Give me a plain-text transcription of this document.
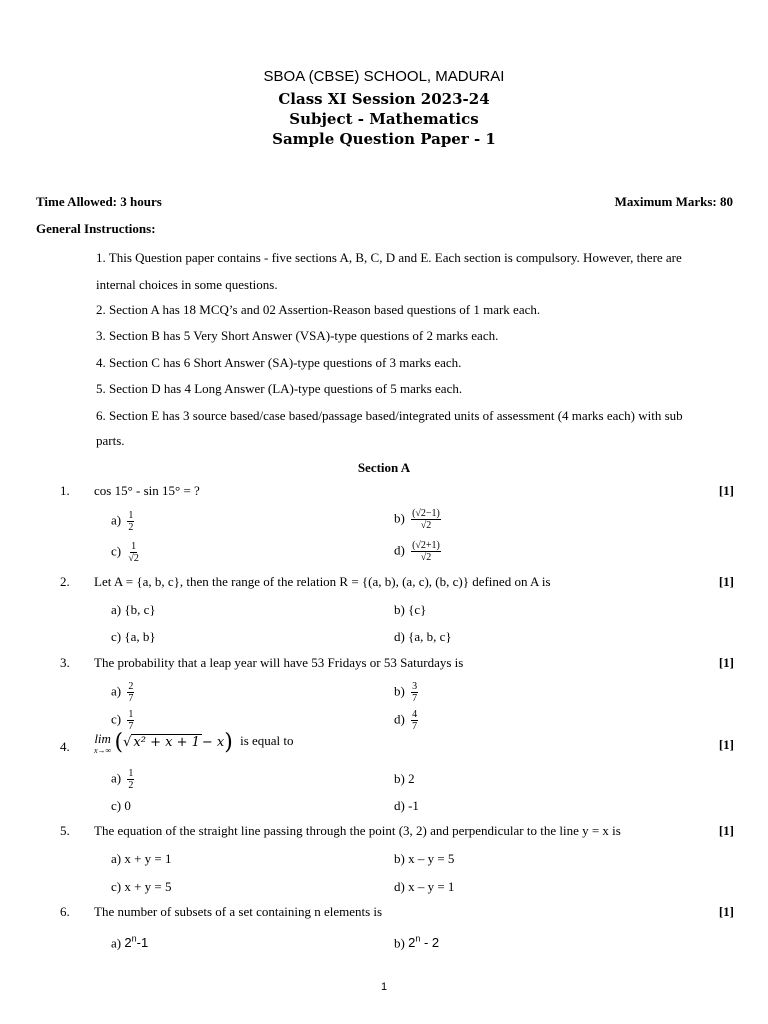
SBOA (CBSE) SCHOOL, MADURAI
Class XI Session 2023-24
Subject - Mathematics
Sample Question Paper - 1
Time Allowed: 3 hours	Maximum Marks: 80
General Instructions:
1. This Question paper contains - five sections A, B, C, D and E. Each section is compulsory. However, there are
internal choices in some questions.
2. Section A has 18 MCQ’s and 02 Assertion-Reason based questions of 1 mark each.
3. Section B has 5 Very Short Answer (VSA)-type questions of 2 marks each.
4. Section C has 6 Short Answer (SA)-type questions of 3 marks each.
5. Section D has 4 Long Answer (LA)-type questions of 5 marks each.
6. Section E has 3 source based/case based/passage based/integrated units of assessment (4 marks each) with sub
parts.
Section A
1. cos 15° - sin 15° = ?	[1]
$a) \frac{1}{2}$	$b) \frac{(√2-1)}{√2}$
$c) \frac{1}{√2}$	$d) \frac{(√2+1)}{√2}$
2. Let A = {a, b, c}, then the range of the relation R = {(a, b), (a, c), (b, c)} defined on A is	[1]
a) {b, c}	b) {c}
c) {a, b}	d) {a, b, c}
3. The probability that a leap year will have 53 Fridays or 53 Saturdays is	[1]
$a) \frac{2}{7}$	$b) \frac{3}{7}$
$c) \frac{1}{7}$	$d) \frac{4}{7}$
4.
lim
x→∞ (√ x² + x + 1− x) is equal to	[1]
$a) \frac{1}{2}$	b) 2
c) 0	d) -1
5. The equation of the straight line passing through the point (3, 2) and perpendicular to the line y = x is	[1]
a) x + y = 1	b) x – y = 5
c) x + y = 5	d) x – y = 1
6. The number of subsets of a set containing n elements is	[1]
a) 2$^n$-1	b) 2$^n$ - 2
1
